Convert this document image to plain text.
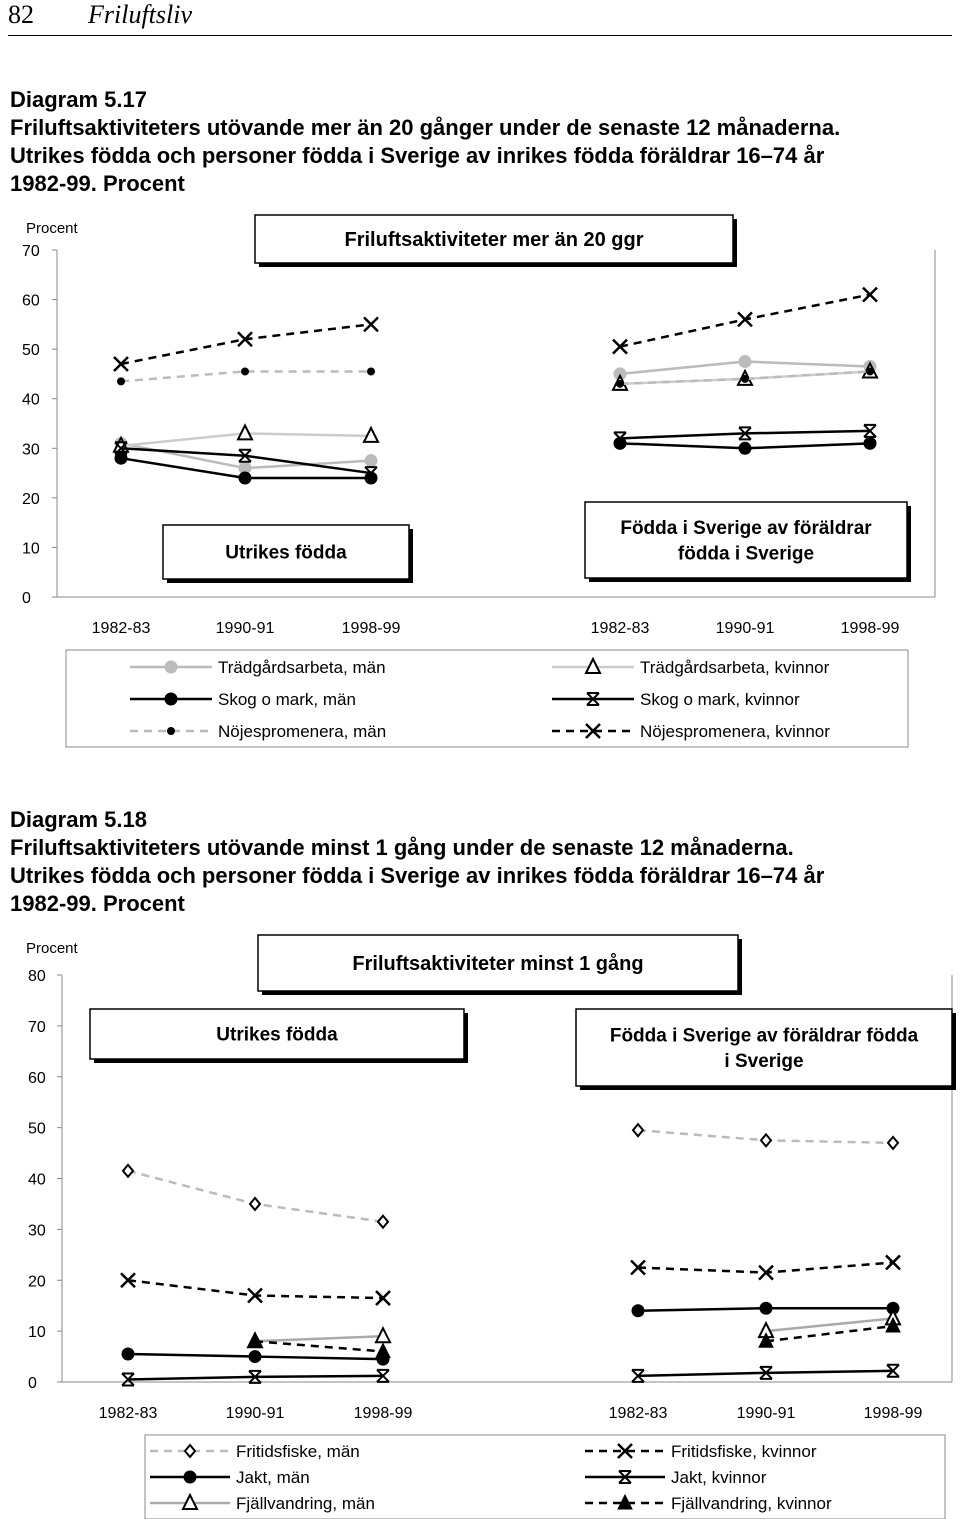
82 Friluftsliv
Diagram 5.17
Friluftsaktiviteters utövande mer än 20 gånger under de senaste 12 månaderna.
Utrikes födda och personer födda i Sverige av inrikes födda föräldrar 16–74 år
1982-99. Procent
Procent
0
10
20
30
40
50
60
70
1982-83	1990-91	1998-99	1982-83	1990-91	1998-99
Friluftsaktiviteter mer än 20 ggr
Utrikes födda
Födda i Sverige av föräldrar
födda i Sverige
Trädgårdsarbeta, män	Trädgårdsarbeta, kvinnor
Skog o mark, män	Skog o mark, kvinnor
Nöjespromenera, män	Nöjespromenera, kvinnor
Diagram 5.18
Friluftsaktiviteters utövande minst 1 gång under de senaste 12 månaderna.
Utrikes födda och personer födda i Sverige av inrikes födda föräldrar 16–74 år
1982-99. Procent
Procent
0
10
20
30
40
50
60
70
80
1982-83	1990-91	1998-99	1982-83	1990-91	1998-99
Friluftsaktiviteter minst 1 gång
Utrikes födda	Födda i Sverige av föräldrar födda
i Sverige
Fritidsfiske, män	Fritidsfiske, kvinnor
Jakt, män	Jakt, kvinnor
Fjällvandring, män	Fjällvandring, kvinnor
